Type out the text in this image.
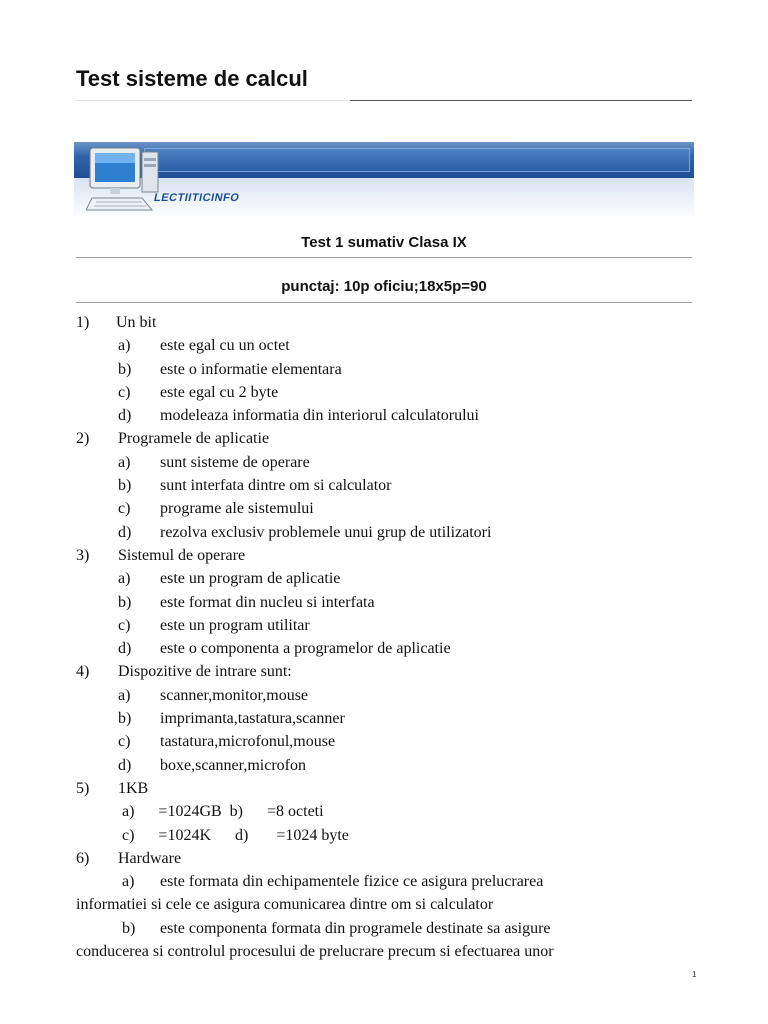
Test sisteme de calcul
LECTIITICINFO
Test 1 sumativ Clasa IX
punctaj: 10p oficiu;18x5p=90
1) Un bit
a) este egal cu un octet
b) este o informatie elementara
c) este egal cu 2 byte
d) modeleaza informatia din interiorul calculatorului
2) Programele de aplicatie
a) sunt sisteme de operare
b) sunt interfata dintre om si calculator
c) programe ale sistemului
d) rezolva exclusiv problemele unui grup de utilizatori
3) Sistemul de operare
a) este un program de aplicatie
b) este format din nucleu si interfata
c) este un program utilitar
d) este o componenta a programelor de aplicatie
4) Dispozitive de intrare sunt:
a) scanner,monitor,mouse
b) imprimanta,tastatura,scanner
c) tastatura,microfonul,mouse
d) boxe,scanner,microfon
5) 1KB
a)      =1024GB  b)      =8 octeti
c)      =1024K      d)       =1024 byte
6) Hardware
a) este formata din echipamentele fizice ce asigura prelucrarea
informatiei si cele ce asigura comunicarea dintre om si calculator
b) este componenta formata din programele destinate sa asigure
conducerea si controlul procesului de prelucrare precum si efectuarea unor
1
